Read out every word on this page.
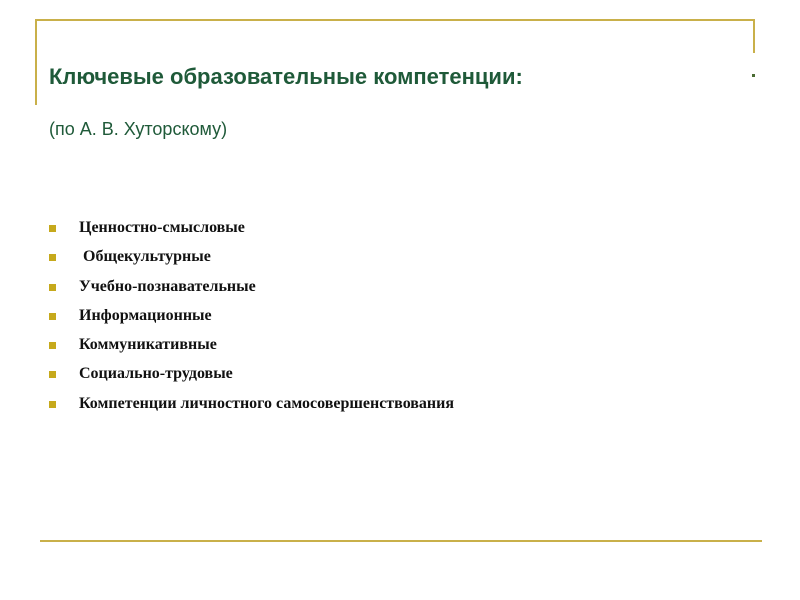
Ключевые образовательные компетенции:

(по А. В. Хуторскому)

Ценностно-смысловые
Общекультурные
Учебно-познавательные
Информационные
Коммуникативные
Социально-трудовые
Компетенции личностного самосовершенствования
